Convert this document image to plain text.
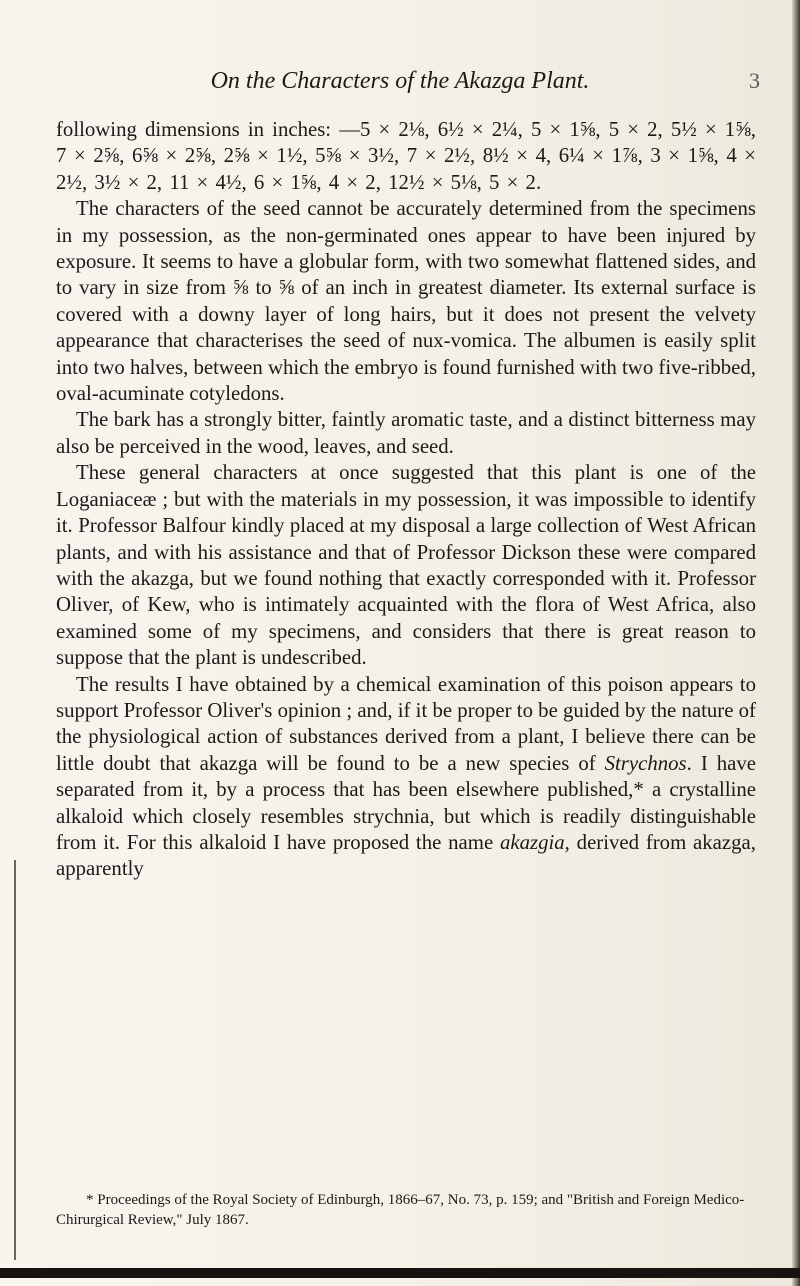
On the Characters of the Akazga Plant.	3

following dimensions in inches: —5 × 2⅛, 6½ × 2¼, 5 × 1⅝, 5 × 2, 5½ × 1⅝, 7 × 2⅝, 6⅝ × 2⅝, 2⅝ × 1½, 5⅝ × 3½, 7 × 2½, 8½ × 4, 6¼ × 1⅞, 3 × 1⅝, 4 × 2½, 3½ × 2, 11 × 4½, 6 × 1⅝, 4 × 2, 12½ × 5⅛, 5 × 2.

The characters of the seed cannot be accurately determined from the specimens in my possession, as the non-germinated ones appear to have been injured by exposure. It seems to have a globular form, with two somewhat flattened sides, and to vary in size from ⅝ to ⅝ of an inch in greatest diameter. Its external surface is covered with a downy layer of long hairs, but it does not present the velvety appearance that characterises the seed of nux-vomica. The albumen is easily split into two halves, between which the embryo is found furnished with two five-ribbed, oval-acuminate cotyledons.

The bark has a strongly bitter, faintly aromatic taste, and a distinct bitterness may also be perceived in the wood, leaves, and seed.

These general characters at once suggested that this plant is one of the Loganiaceæ ; but with the materials in my possession, it was impossible to identify it. Professor Balfour kindly placed at my disposal a large collection of West African plants, and with his assistance and that of Professor Dickson these were compared with the akazga, but we found nothing that exactly corresponded with it. Professor Oliver, of Kew, who is intimately acquainted with the flora of West Africa, also examined some of my specimens, and considers that there is great reason to suppose that the plant is undescribed.

The results I have obtained by a chemical examination of this poison appears to support Professor Oliver's opinion ; and, if it be proper to be guided by the nature of the physiological action of substances derived from a plant, I believe there can be little doubt that akazga will be found to be a new species of Strychnos. I have separated from it, by a process that has been elsewhere published,* a crystalline alkaloid which closely resembles strychnia, but which is readily distinguishable from it. For this alkaloid I have proposed the name akazgia, derived from akazga, apparently

* Proceedings of the Royal Society of Edinburgh, 1866–67, No. 73, p. 159; and "British and Foreign Medico-Chirurgical Review," July 1867.
